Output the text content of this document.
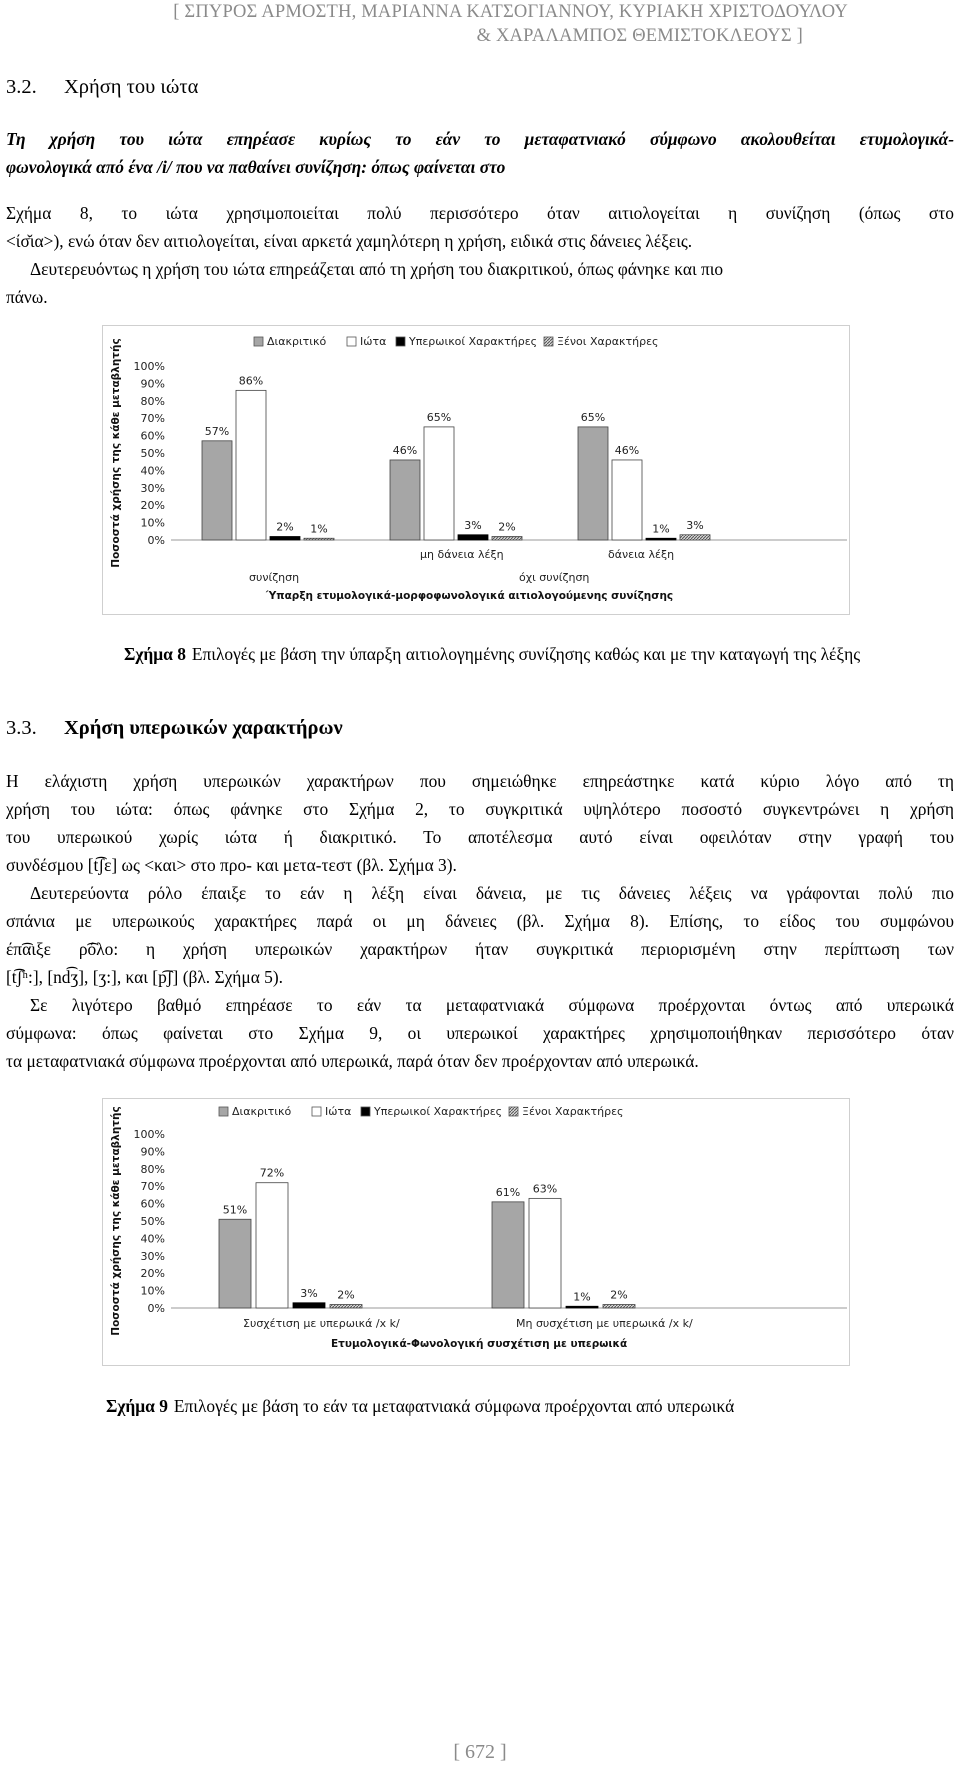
[ ΣΠΥΡΟΣ ΑΡΜΟΣΤΗ, ΜΑΡΙΑΝΝΑ ΚΑΤΣΟΓΙΑΝΝΟΥ, ΚΥΡΙΑΚΗ ΧΡΙΣΤΟΔΟΥΛΟΥ
& ΧΑΡΑΛΑΜΠΟΣ ΘΕΜΙΣΤΟΚΛΕΟΥΣ ]
3.2. Χρήση του ιώτα

Τη χρήση του ιώτα επηρέασε κυρίως το εάν το μεταφατνιακό σύμφωνο ακολουθείται ετυμολογικά-

φωνολογικά από ένα /i/ που να παθαίνει συνίζηση: όπως φαίνεται στο

Σχήμα 8, το ιώτα χρησιμοποιείται πολύ περισσότερο όταν αιτιολογείται η συνίζηση (όπως στο

<ίσ̆ια>), ενώ όταν δεν αιτιολογείται, είναι αρκετά χαμηλότερη η χρήση, ειδικά στις δάνειες λέξεις.

Δευτερευόντως η χρήση του ιώτα επηρεάζεται από τη χρήση του διακριτικού, όπως φάνηκε και πιο

πάνω.

Διακριτικό	Ιώτα Υπερωικοί Χαρακτήρες Ξένοι Χαρακτήρες
Ποσοστά χρήσης της κάθε μεταβλητής 100%
90%
80%
70%
60%
50%
40%
30%
20%
10%
0%
57%
86%
2% 1%
46%
65%
3% 2%
μη δάνεια λέξη
65%
46%
1% 3%
δάνεια λέξη
συνίζηση	όχι συνίζηση
Ύπαρξη ετυμολογικά-μορφοφωνολογικά αιτιολογούμενης συνίζησης
Σχήμα 8 Επιλογές με βάση την ύπαρξη αιτιολογημένης συνίζησης καθώς και με την καταγωγή της λέξης
3.3. Χρήση υπερωικών χαρακτήρων

Η ελάχιστη χρήση υπερωικών χαρακτήρων που σημειώθηκε επηρεάστηκε κατά κύριο λόγο από τη

χρήση του ιώτα: όπως φάνηκε στο Σχήμα 2, το συγκριτικά υψηλότερο ποσοστό συγκεντρώνει η χρήση

του υπερωικού χωρίς ιώτα ή διακριτικό. Το αποτέλεσμα αυτό είναι οφειλόταν στην γραφή του

συνδέσμου [t͡ʃε] ως <και> στο προ- και μετα-τεστ (βλ. Σχήμα 3).

Δευτερεύοντα ρόλο έπαιξε το εάν η λέξη είναι δάνεια, με τις δάνειες λέξεις να γράφονται πολύ πιο

σπάνια με υπερωικούς χαρακτήρες παρά οι μη δάνειες (βλ. Σχήμα 8). Επίσης, το είδος του συμφώνου

έπ͡αιξε ρ͡όλο: η χρήση υπερωικών χαρακτήρων ήταν συγκριτικά περιορισμένη στην περίπτωση των

[t͡ʃʰ:], [nd͡ʒ], [ʒ:], και [p͡ʃ] (βλ. Σχήμα 5).

Σε λιγότερο βαθμό επηρέασε το εάν τα μεταφατνιακά σύμφωνα προέρχονται όντως από υπερωικά

σύμφωνα: όπως φαίνεται στο Σχήμα 9, οι υπερωικοί χαρακτήρες χρησιμοποιήθηκαν περισσότερο όταν

τα μεταφατνιακά σύμφωνα προέρχονται από υπερωικά, παρά όταν δεν προέρχονταν από υπερωικά.

Διακριτικό	Ιώτα Υπερωικοί Χαρακτήρες Ξένοι Χαρακτήρες
Ποσοστά χρήσης της κάθε μεταβλητής 100%
90%
80%
70%
60%
50%
40%
30%
20%
10%
0%
51%
72%
3% 2%
Συσχέτιση με υπερωικά /x k/
61% 63%
1% 2%
Μη συσχέτιση με υπερωικά /x k/
Ετυμολογικά-Φωνολογική συσχέτιση με υπερωικά
Σχήμα 9 Επιλογές με βάση το εάν τα μεταφατνιακά σύμφωνα προέρχονται από υπερωικά
[ 672 ]
